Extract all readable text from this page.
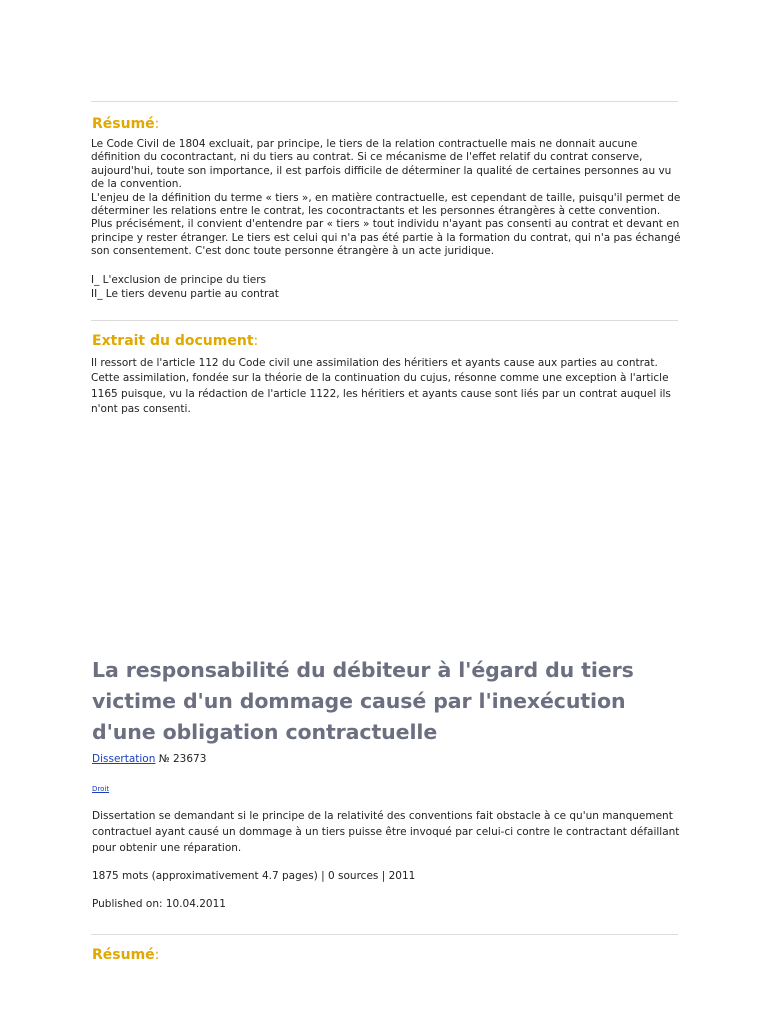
Résumé:

Le Code Civil de 1804 excluait, par principe, le tiers de la relation contractuelle mais ne donnait aucune définition du cocontractant, ni du tiers au contrat. Si ce mécanisme de l'effet relatif du contrat conserve, aujourd'hui, toute son importance, il est parfois difficile de déterminer la qualité de certaines personnes au vu de la convention.

L'enjeu de la définition du terme « tiers », en matière contractuelle, est cependant de taille, puisqu'il permet de déterminer les relations entre le contrat, les cocontractants et les personnes étrangères à cette convention. Plus précisément, il convient d'entendre par « tiers » tout individu n'ayant pas consenti au contrat et devant en principe y rester étranger. Le tiers est celui qui n'a pas été partie à la formation du contrat, qui n'a pas échangé son consentement. C'est donc toute personne étrangère à un acte juridique.

I_ L'exclusion de principe du tiers
II_ Le tiers devenu partie au contrat
Extrait du document:
Il ressort de l'article 112 du Code civil une assimilation des héritiers et ayants cause aux parties au contrat. Cette assimilation, fondée sur la théorie de la continuation du cujus, résonne comme une exception à l'article 1165 puisque, vu la rédaction de l'article 1122, les héritiers et ayants cause sont liés par un contrat auquel ils n'ont pas consenti.
La responsabilité du débiteur à l'égard du tiers victime d'un dommage causé par l'inexécution d'une obligation contractuelle
Dissertation № 23673
Droit
Dissertation se demandant si le principe de la relativité des conventions fait obstacle à ce qu'un manquement contractuel ayant causé un dommage à un tiers puisse être invoqué par celui-ci contre le contractant défaillant pour obtenir une réparation.
1875 mots (approximativement 4.7 pages) | 0 sources | 2011
Published on: 10.04.2011
Résumé:
